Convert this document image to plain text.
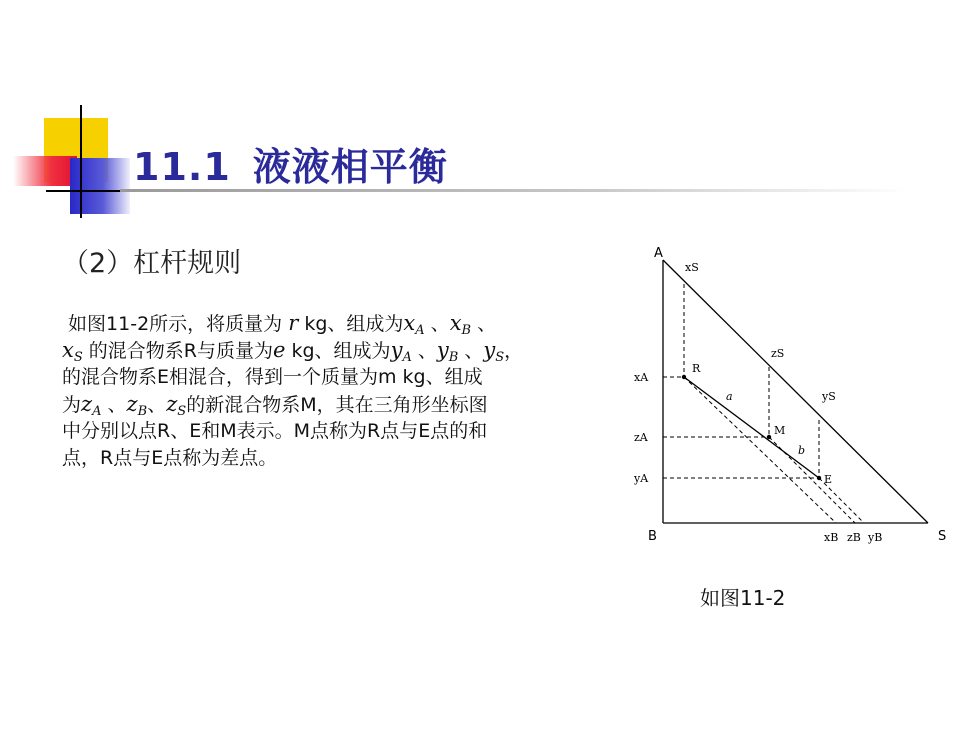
11.1 液液相平衡
（2）杠杆规则
如图11-2所示，将质量为 r kg、组成为$x_A$ 、$x_B$ 、
$x_S$ 的混合物系R与质量为e kg、组成为$y_A$ 、$y_B$ 、$y_S$，
的混合物系E相混合，得到一个质量为m kg、组成
为$z_A$ 、$z_B$、$z_S$的新混合物系M，其在三角形坐标图
中分别以点R、E和M表示。M点称为R点与E点的和
点，R点与E点称为差点。
A
B	S
xS
zS
yS
xA
zA
yA
xB zB yB
R
M
E
a
b
如图11-2
